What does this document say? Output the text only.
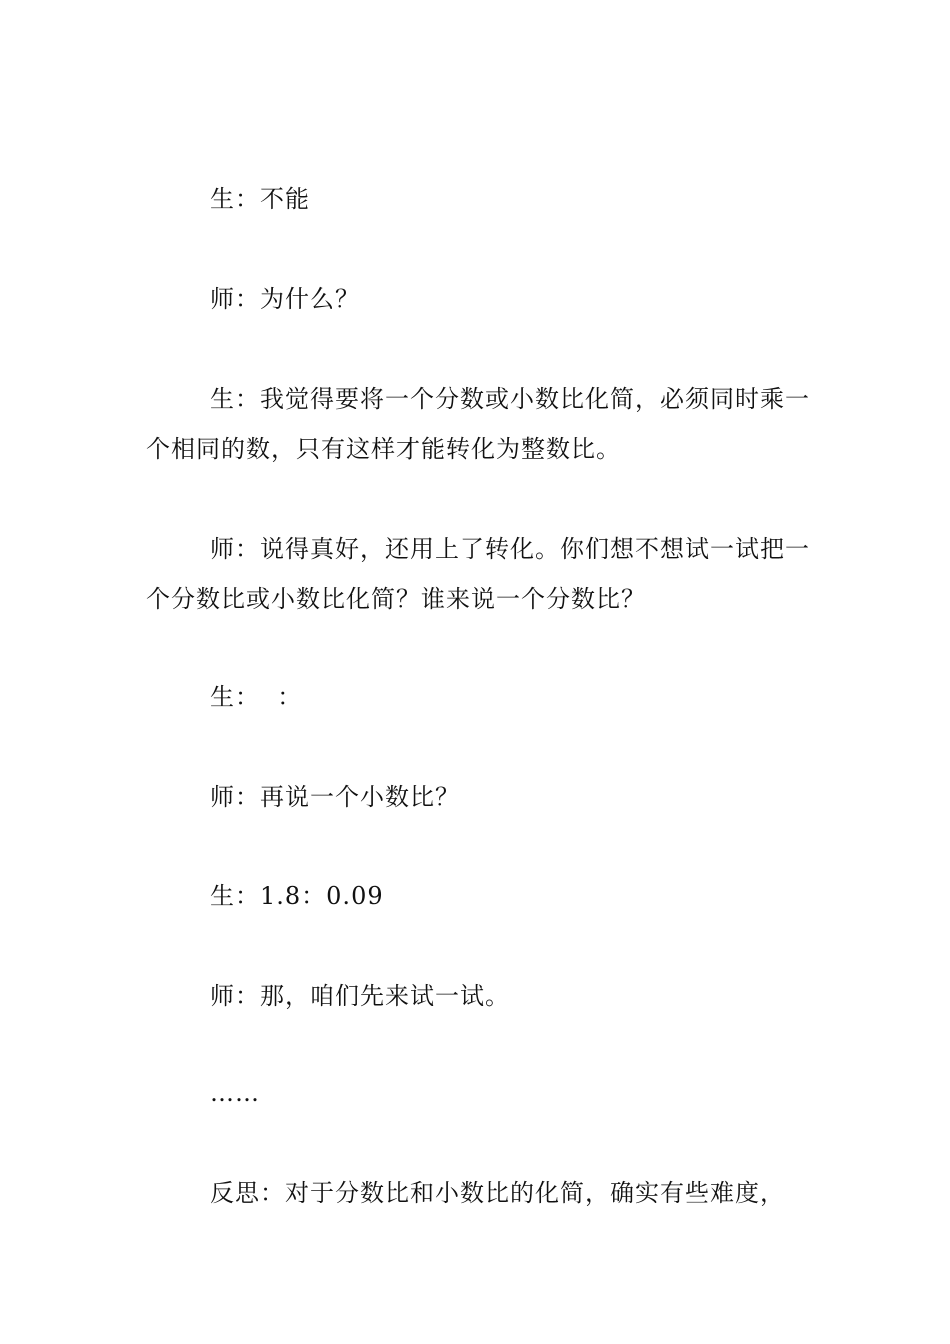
生：不能

师：为什么？

生：我觉得要将一个分数或小数比化简，必须同时乘一个相同的数，只有这样才能转化为整数比。

师：说得真好，还用上了转化。你们想不想试一试把一个分数比或小数比化简？谁来说一个分数比？

生：  ：

师：再说一个小数比？

生：1.8：0.09

师：那，咱们先来试一试。

……

反思：对于分数比和小数比的化简，确实有些难度，
